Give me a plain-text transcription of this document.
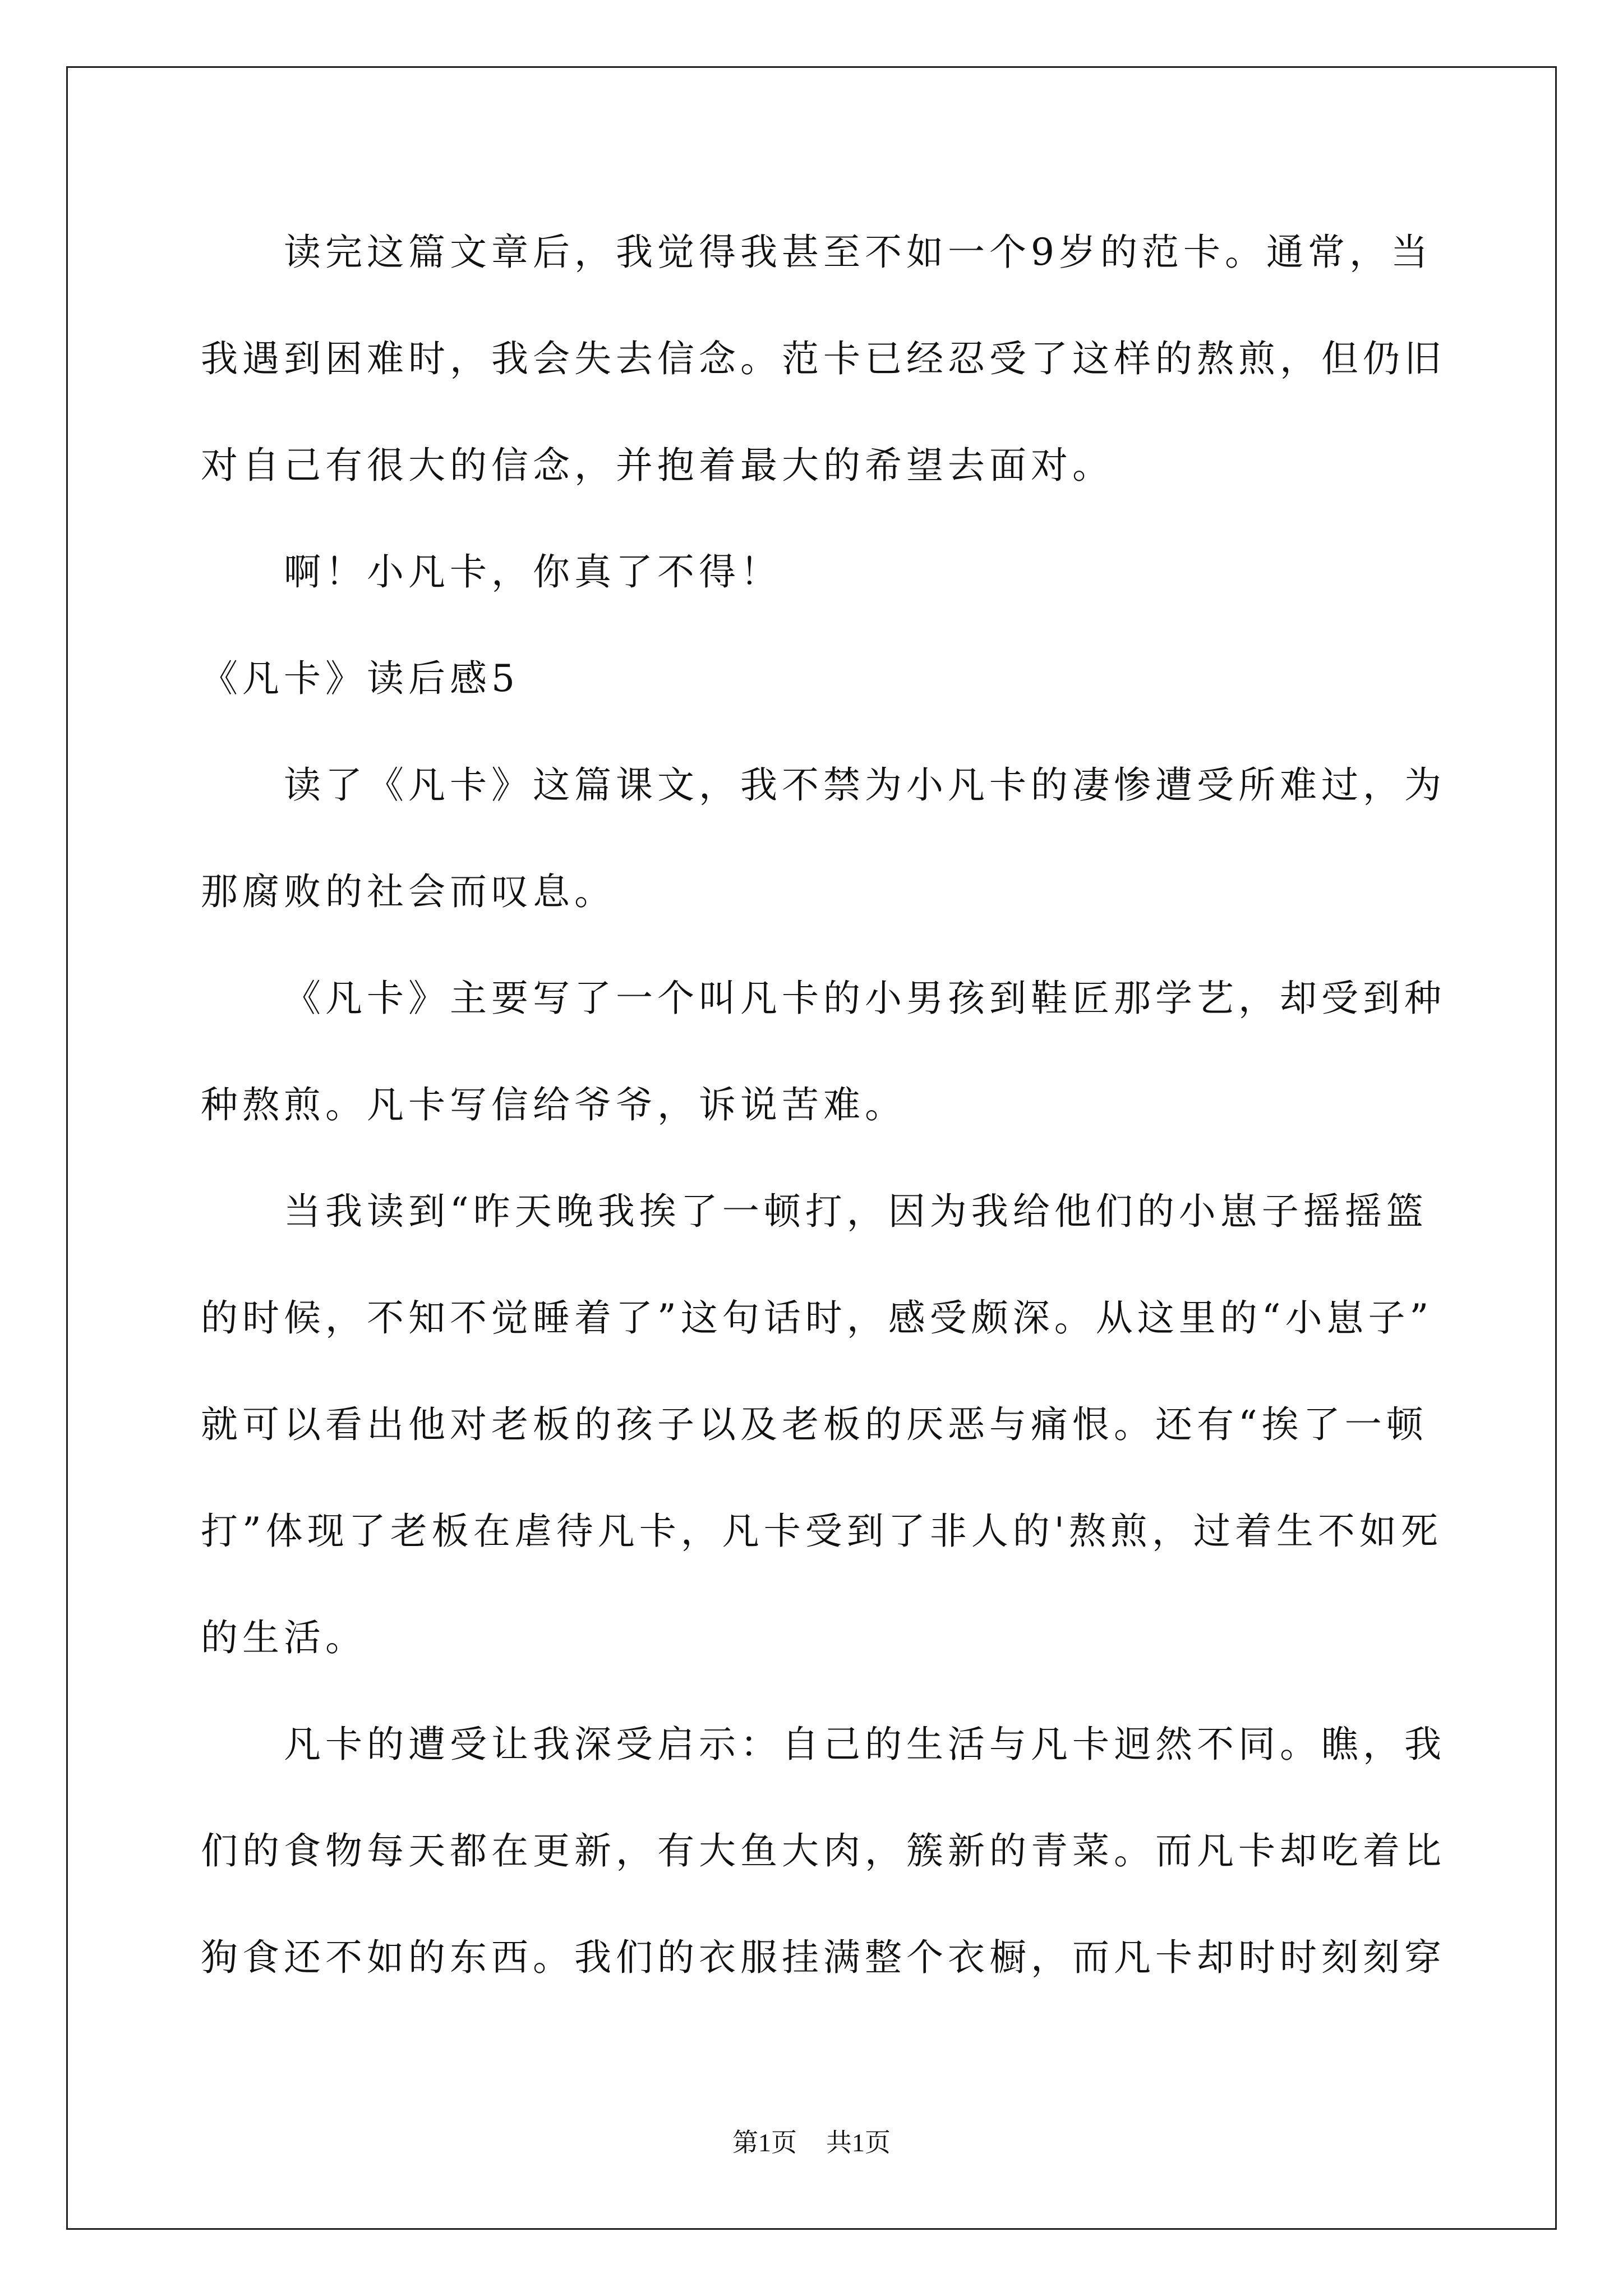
读完这篇文章后，我觉得我甚至不如一个9岁的范卡。通常，当
我遇到困难时，我会失去信念。范卡已经忍受了这样的熬煎，但仍旧
对自己有很大的信念，并抱着最大的希望去面对。
啊！小凡卡，你真了不得！
《凡卡》读后感5
读了《凡卡》这篇课文，我不禁为小凡卡的凄惨遭受所难过，为
那腐败的社会而叹息。
《凡卡》主要写了一个叫凡卡的小男孩到鞋匠那学艺，却受到种
种熬煎。凡卡写信给爷爷，诉说苦难。
当我读到“昨天晚我挨了一顿打，因为我给他们的小崽子摇摇篮
的时候，不知不觉睡着了”这句话时，感受颇深。从这里的“小崽子”
就可以看出他对老板的孩子以及老板的厌恶与痛恨。还有“挨了一顿
打”体现了老板在虐待凡卡，凡卡受到了非人的'熬煎，过着生不如死
的生活。
凡卡的遭受让我深受启示：自己的生活与凡卡迥然不同。瞧，我
们的食物每天都在更新，有大鱼大肉，簇新的青菜。而凡卡却吃着比
狗食还不如的东西。我们的衣服挂满整个衣橱，而凡卡却时时刻刻穿
第1页 共1页
